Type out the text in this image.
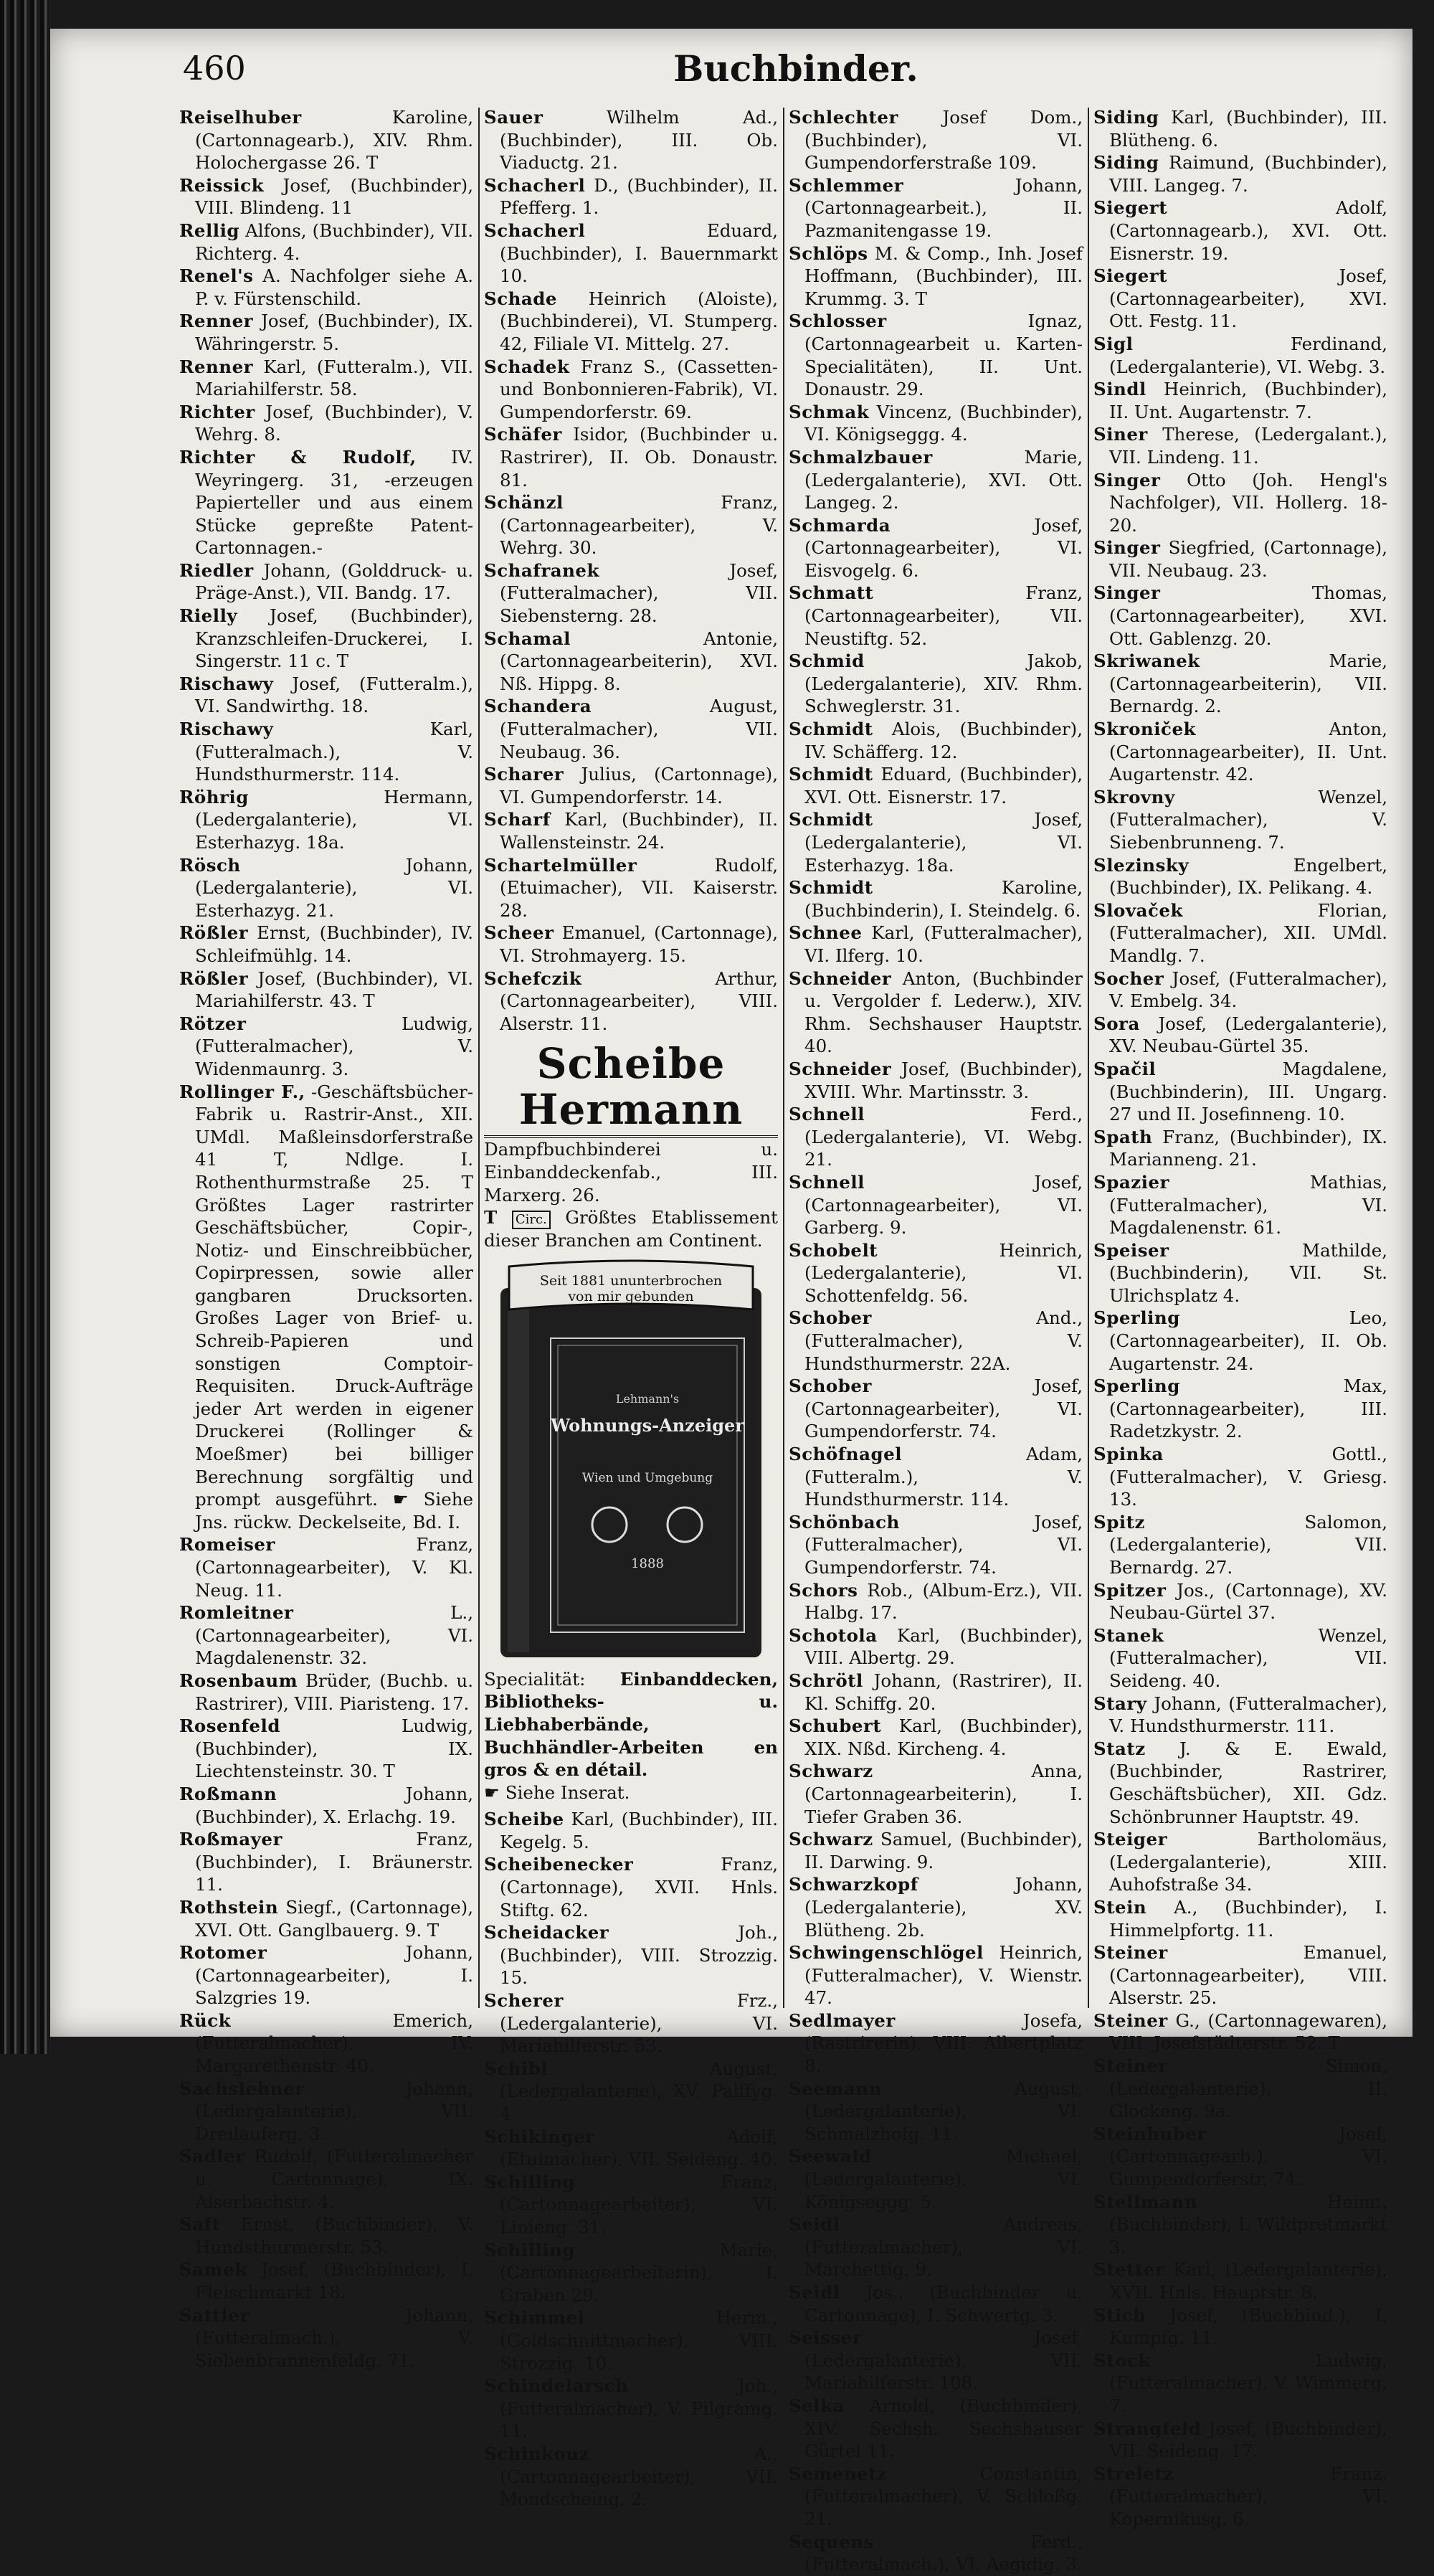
460	Buchbinder.

Reiselhuber	Karoline, (Cartonnagearb.), XIV. Rhm. Holochergasse 26. T

Reissick Josef, (Buchbinder), VIII. Blindeng. 11

Rellig Alfons, (Buchbinder), VII. Richterg. 4.

Renel's A. Nachfolger siehe A. P. v. Fürstenschild.

Renner Josef, (Buchbinder), IX. Währingerstr. 5.

Renner Karl, (Futteralm.), VII. Mariahilferstr. 58.

Richter Josef, (Buchbinder), V. Wehrg. 8.

Richter & Rudolf, IV. Weyringerg. 31, -erzeugen Papierteller und aus einem Stücke gepreßte Patent-Cartonnagen.-

Riedler Johann, (Golddruck- u. Präge-Anst.), VII. Bandg. 17.

Rielly Josef, (Buchbinder), Kranzschleifen-Druckerei, I. Singerstr. 11 c. T

Rischawy Josef, (Futteralm.), VI. Sandwirthg. 18.

Rischawy	Karl, (Futteralmach.), V. Hundsthurmerstr. 114.

Röhrig	Hermann, (Ledergalanterie), VI. Esterhazyg. 18a.

Rösch	Johann, (Ledergalanterie), VI. Esterhazyg. 21.

Rößler Ernst, (Buchbinder), IV. Schleifmühlg. 14.

Rößler Josef, (Buchbinder), VI. Mariahilferstr. 43. T

Rötzer	Ludwig, (Futteralmacher), V. Widenmaunrg. 3.

Rollinger F., -Geschäftsbücher-Fabrik u. Rastrir-Anst., XII. UMdl. Maßleinsdorferstraße 41 T, Ndlge. I. Rothenthurmstraße 25. T Größtes Lager rastrirter Geschäftsbücher, Copir-, Notiz- und Einschreibbücher, Copirpressen, sowie aller gangbaren Drucksorten. Großes Lager von Brief- u. Schreib-Papieren und sonstigen Comptoir-Requisiten. Druck-Aufträge jeder Art werden in eigener Druckerei (Rollinger & Moeßmer) bei billiger Berechnung sorgfältig und prompt ausgeführt. ☛ Siehe Jns. rückw. Deckelseite, Bd. I.

Romeiser	Franz, (Cartonnagearbeiter), V. Kl. Neug. 11.

Romleitner	L., (Cartonnagearbeiter), VI. Magdalenenstr. 32.

Rosenbaum Brüder, (Buchb. u. Rastrirer), VIII. Piaristeng. 17.

Rosenfeld	Ludwig, (Buchbinder), IX. Liechtensteinstr. 30. T

Roßmann	Johann, (Buchbinder), X. Erlachg. 19.

Roßmayer	Franz, (Buchbinder), I. Bräunerstr. 11.

Rothstein Siegf., (Cartonnage), XVI. Ott. Ganglbauerg. 9. T

Rotomer	Johann, (Cartonnagearbeiter), I. Salzgries 19.

Rück	Emerich, (Futteralmacher), IV. Margarethenstr. 40.

Sachslehner	Johann, (Ledergalanterie), VII. Dreilauferg. 3.

Sadler Rudolf, (Futteralmacher u. Cartonnage), IX. Alserbachstr. 4.

Saft Ernst, (Buchbinder), V. Hundsthurmerstr. 53.

Samek Josef, (Buchbinder), I. Fleischmarkt 18.

Sattler	Johann, (Futteralmach.), V. Siebenbrunnenfeldg. 71.

Sauer	Wilhelm Ad., (Buchbinder), III. Ob. Viaductg. 21.

Schacherl D., (Buchbinder), II. Pfefferg. 1.

Schacherl	Eduard, (Buchbinder), I. Bauernmarkt 10.

Schade Heinrich (Aloiste), (Buchbinderei), VI. Stumperg. 42, Filiale VI. Mittelg. 27.

Schadek Franz S., (Cassetten- und Bonbonnieren-Fabrik), VI. Gumpendorferstr. 69.

Schäfer Isidor, (Buchbinder u. Rastrirer), II. Ob. Donaustr. 81.

Schänzl	Franz, (Cartonnagearbeiter), V. Wehrg. 30.

Schafranek	Josef, (Futteralmacher), VII. Siebensterng. 28.

Schamal	Antonie, (Cartonnagearbeiterin), XVI. Nß. Hippg. 8.

Schandera	August, (Futteralmacher), VII. Neubaug. 36.

Scharer Julius, (Cartonnage), VI. Gumpendorferstr. 14.

Scharf Karl, (Buchbinder), II. Wallensteinstr. 24.

Schartelmüller	Rudolf, (Etuimacher), VII. Kaiserstr. 28.

Scheer Emanuel, (Cartonnage), VI. Strohmayerg. 15.

Schefczik	Arthur, (Cartonnagearbeiter), VIII. Alserstr. 11.

Scheibe Hermann

Dampfbuchbinderei u. Einbanddeckenfab., III. Marxerg. 26.

T Circ. Größtes Etablissement dieser Branchen am Continent.

Seit 1881 ununterbrochen
von mir gebunden
Lehmann's
Wohnungs-Anzeiger
Wien und Umgebung
1888

Specialität: Einbanddecken, Bibliotheks- u. Liebhaberbände, Buchhändler-Arbeiten en gros & en détail.

☛ Siehe Inserat.

Scheibe Karl, (Buchbinder), III. Kegelg. 5.

Scheibenecker	Franz, (Cartonnage), XVII. Hnls. Stiftg. 62.

Scheidacker	Joh., (Buchbinder), VIII. Strozzig. 15.

Scherer	Frz., (Ledergalanterie), VI. Mariahilferstr. 53.

Schibl	August, (Ledergalanterie), XV. Palffyg. 4

Schikinger	Adolf, (Etuimacher), VII. Seideng. 40.

Schilling	Franz, (Cartonnagearbeiter), VI. Linieng. 31.

Schilling	Marie, (Cartonnagearbeiterin), I. Graben 29.

Schimmel	Herm., (Goldschnittmacher), VIII. Strozzig. 10.

Schindelarsch	Joh., (Futteralmacher), V. Pilgramg. 11.

Schinkouz	A., (Cartonnagearbeiter), VII. Mondscheing. 2.

Schlechter	Josef Dom., (Buchbinder), VI. Gumpendorferstraße 109.

Schlemmer	Johann, (Cartonnagearbeit.), II. Pazmanitengasse 19.

Schlöps M. & Comp., Inh. Josef Hoffmann, (Buchbinder), III. Krummg. 3. T

Schlosser	Ignaz, (Cartonnagearbeit u. Karten-Specialitäten), II. Unt. Donaustr. 29.

Schmak Vincenz, (Buchbinder), VI. Königseggg. 4.

Schmalzbauer	Marie, (Ledergalanterie), XVI. Ott. Langeg. 2.

Schmarda	Josef, (Cartonnagearbeiter), VI. Eisvogelg. 6.

Schmatt	Franz, (Cartonnagearbeiter), VII. Neustiftg. 52.

Schmid	Jakob, (Ledergalanterie), XIV. Rhm. Schweglerstr. 31.

Schmidt Alois, (Buchbinder), IV. Schäfferg. 12.

Schmidt Eduard, (Buchbinder), XVI. Ott. Eisnerstr. 17.

Schmidt	Josef, (Ledergalanterie), VI. Esterhazyg. 18a.

Schmidt	Karoline, (Buchbinderin), I. Steindelg. 6.

Schnee Karl, (Futteralmacher), VI. Ilferg. 10.

Schneider Anton, (Buchbinder u. Vergolder f. Lederw.), XIV. Rhm. Sechshauser Hauptstr. 40.

Schneider Josef, (Buchbinder), XVIII. Whr. Martinsstr. 3.

Schnell	Ferd., (Ledergalanterie), VI. Webg. 21.

Schnell	Josef, (Cartonnagearbeiter), VI. Garberg. 9.

Schobelt	Heinrich, (Ledergalanterie), VI. Schottenfeldg. 56.

Schober	And., (Futteralmacher), V. Hundsthurmerstr. 22A.

Schober	Josef, (Cartonnagearbeiter), VI. Gumpendorferstr. 74.

Schöfnagel	Adam, (Futteralm.), V. Hundsthurmerstr. 114.

Schönbach	Josef, (Futteralmacher), VI. Gumpendorferstr. 74.

Schors Rob., (Album-Erz.), VII. Halbg. 17.

Schotola Karl, (Buchbinder), VIII. Albertg. 29.

Schrötl Johann, (Rastrirer), II. Kl. Schiffg. 20.

Schubert Karl, (Buchbinder), XIX. Nßd. Kircheng. 4.

Schwarz	Anna, (Cartonnagearbeiterin), I. Tiefer Graben 36.

Schwarz Samuel, (Buchbinder), II. Darwing. 9.

Schwarzkopf	Johann, (Ledergalanterie), XV. Blütheng. 2b.

Schwingenschlögel Heinrich, (Futteralmacher), V. Wienstr. 47.

Sedlmayer	Josefa, (Rastrirerin), VIII. Albertplatz 8.

Seemann	August, (Ledergalanterie), VI. Schmalzhofg. 11.

Seewald	Michael, (Ledergalanterie), VI. Königseggg. 5.

Seidl	Andreas, (Futteralmacher), VI. Marchettig. 9.

Seidl Jos., (Buchbinder u. Cartonnage), I. Schwertg. 3.

Seisser	Josef, (Ledergalanterie), VII. Mariahilferstr. 108.

Selka Arnold, (Buchbinder), XIV. Sechsh. Sechshauser Gürtel 11.

Semenetz	Constantin, (Futteralmacher), V. Schloßg. 21.

Sequens	Ferd., (Futteralmach.), VI. Aegidig. 3.

Siding Karl, (Buchbinder), III. Blütheng. 6.

Siding Raimund, (Buchbinder), VIII. Langeg. 7.

Siegert	Adolf, (Cartonnagearb.), XVI. Ott. Eisnerstr. 19.

Siegert	Josef, (Cartonnagearbeiter), XVI. Ott. Festg. 11.

Sigl	Ferdinand, (Ledergalanterie), VI. Webg. 3.

Sindl Heinrich, (Buchbinder), II. Unt. Augartenstr. 7.

Siner Therese, (Ledergalant.), VII. Lindeng. 11.

Singer Otto (Joh. Hengl's Nachfolger), VII. Hollerg. 18-20.

Singer Siegfried, (Cartonnage), VII. Neubaug. 23.

Singer	Thomas, (Cartonnagearbeiter), XVI. Ott. Gablenzg. 20.

Skriwanek	Marie, (Cartonnagearbeiterin), VII. Bernardg. 2.

Skroniček	Anton, (Cartonnagearbeiter), II. Unt. Augartenstr. 42.

Skrovny	Wenzel, (Futteralmacher), V. Siebenbrunneng. 7.

Slezinsky	Engelbert, (Buchbinder), IX. Pelikang. 4.

Slovaček	Florian, (Futteralmacher), XII. UMdl. Mandlg. 7.

Socher Josef, (Futteralmacher), V. Embelg. 34.

Sora Josef, (Ledergalanterie), XV. Neubau-Gürtel 35.

Spačil	Magdalene, (Buchbinderin), III. Ungarg. 27 und II. Josefinneng. 10.

Spath Franz, (Buchbinder), IX. Marianneng. 21.

Spazier	Mathias, (Futteralmacher), VI. Magdalenenstr. 61.

Speiser	Mathilde, (Buchbinderin), VII. St. Ulrichsplatz 4.

Sperling	Leo, (Cartonnagearbeiter), II. Ob. Augartenstr. 24.

Sperling	Max, (Cartonnagearbeiter), III. Radetzkystr. 2.

Spinka	Gottl., (Futteralmacher), V. Griesg. 13.

Spitz	Salomon, (Ledergalanterie), VII. Bernardg. 27.

Spitzer Jos., (Cartonnage), XV. Neubau-Gürtel 37.

Stanek	Wenzel, (Futteralmacher), VII. Seideng. 40.

Stary Johann, (Futteralmacher), V. Hundsthurmerstr. 111.

Statz J. & E. Ewald, (Buchbinder, Rastrirer, Geschäftsbücher), XII. Gdz. Schönbrunner Hauptstr. 49.

Steiger	Bartholomäus, (Ledergalanterie), XIII. Auhofstraße 34.

Stein A., (Buchbinder), I. Himmelpfortg. 11.

Steiner	Emanuel, (Cartonnagearbeiter), VIII. Alserstr. 25.

Steiner G., (Cartonnagewaren), VIII. Josefstädterstr. 52. T

Steiner	Simon, (Ledergalanterie), II. Glockeng. 9a.

Steinhuber	Josef, (Cartonnagearb.), VI. Gumpendorferstr. 74.

Stellmann	Heinr., (Buchbinder), I. Wildpretmarkt 3.

Stetter Karl, (Ledergalanterie), XVII. Hnls. Hauptstr. 8.

Stich Josef, (Buchbind.), I. Kumpfg. 11.

Stock	Ludwig, (Futteralmacher), V. Wimmerg. 7.

Strangfeld Josef, (Buchbinder), VII. Seideng. 17.

Streletz	Franz, (Futteralmacher), VI. Kopernikusg. 6.
